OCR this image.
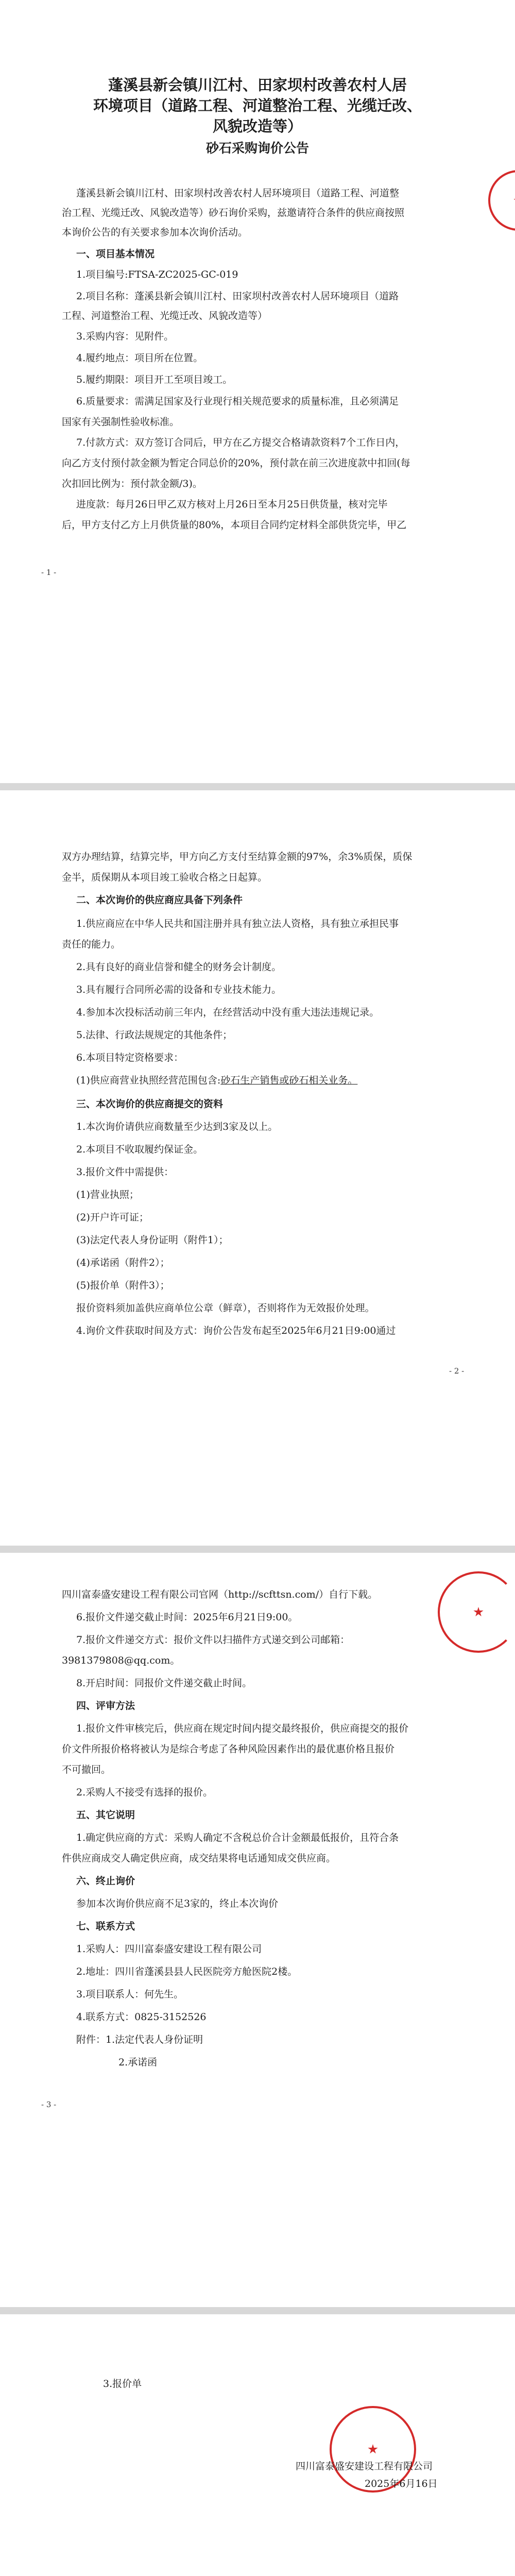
蓬溪县新会镇川江村、田家坝村改善农村人居
环境项目（道路工程、河道整治工程、光缆迁改、
风貌改造等）
砂石采购询价公告
蓬溪县新会镇川江村、田家坝村改善农村人居环境项目（道路工程、河道整
治工程、光缆迁改、风貌改造等）砂石询价采购，兹邀请符合条件的供应商按照
本询价公告的有关要求参加本次询价活动。
一、项目基本情况
1.项目编号:FTSA-ZC2025-GC-019
2.项目名称：蓬溪县新会镇川江村、田家坝村改善农村人居环境项目（道路
工程、河道整治工程、光缆迁改、风貌改造等）
3.采购内容：见附件。
4.履约地点：项目所在位置。
5.履约期限：项目开工至项目竣工。
6.质量要求：需满足国家及行业现行相关规范要求的质量标准，且必须满足
国家有关强制性验收标准。
7.付款方式：双方签订合同后，甲方在乙方提交合格请款资料7个工作日内，
向乙方支付预付款金额为暂定合同总价的20%，预付款在前三次进度款中扣回(每
次扣回比例为：预付款金额/3)。
进度款：每月26日甲乙双方核对上月26日至本月25日供货量，核对完毕
后，甲方支付乙方上月供货量的80%，本项目合同约定材料全部供货完毕，甲乙
- 1 -
双方办理结算，结算完毕，甲方向乙方支付至结算金额的97%，余3%质保，质保
金半，质保期从本项目竣工验收合格之日起算。
二、本次询价的供应商应具备下列条件
1.供应商应在中华人民共和国注册并具有独立法人资格，具有独立承担民事
责任的能力。
2.具有良好的商业信誉和健全的财务会计制度。
3.具有履行合同所必需的设备和专业技术能力。
4.参加本次投标活动前三年内，在经营活动中没有重大违法违规记录。
5.法律、行政法规规定的其他条件；
6.本项目特定资格要求：
(1)供应商营业执照经营范围包含:砂石生产销售或砂石相关业务。
三、本次询价的供应商提交的资料
1.本次询价请供应商数量至少达到3家及以上。
2.本项目不收取履约保证金。
3.报价文件中需提供：
(1)营业执照；
(2)开户许可证；
(3)法定代表人身份证明（附件1）；
(4)承诺函（附件2）；
(5)报价单（附件3）；
报价资料须加盖供应商单位公章（鲜章），否则将作为无效报价处理。
4.询价文件获取时间及方式：询价公告发布起至2025年6月21日9:00通过
- 2 -
四川富泰盛安建设工程有限公司官网（http://scfttsn.com/）自行下载。
6.报价文件递交截止时间：2025年6月21日9:00。
7.报价文件递交方式：报价文件以扫描件方式递交到公司邮箱：
3981379808@qq.com。
8.开启时间：同报价文件递交截止时间。
四、评审方法
1.报价文件审核完后，供应商在规定时间内提交最终报价，供应商提交的报价
价文件所报价格将被认为是综合考虑了各种风险因素作出的最优惠价格且报价
不可撤回。
2.采购人不接受有选择的报价。
五、其它说明
1.确定供应商的方式：采购人确定不含税总价合计金额最低报价，且符合条
件供应商成交人确定供应商，成交结果将电话通知成交供应商。
六、终止询价
参加本次询价供应商不足3家的，终止本次询价
七、联系方式
1.采购人：四川富泰盛安建设工程有限公司
2.地址：四川省蓬溪县县人民医院旁方舱医院2楼。
3.项目联系人：何先生。
4.联系方式：0825-3152526
附件：1.法定代表人身份证明
2.承诺函
- 3 -
3.报价单
四川富泰盛安建设工程有限公司
2025年6月16日
